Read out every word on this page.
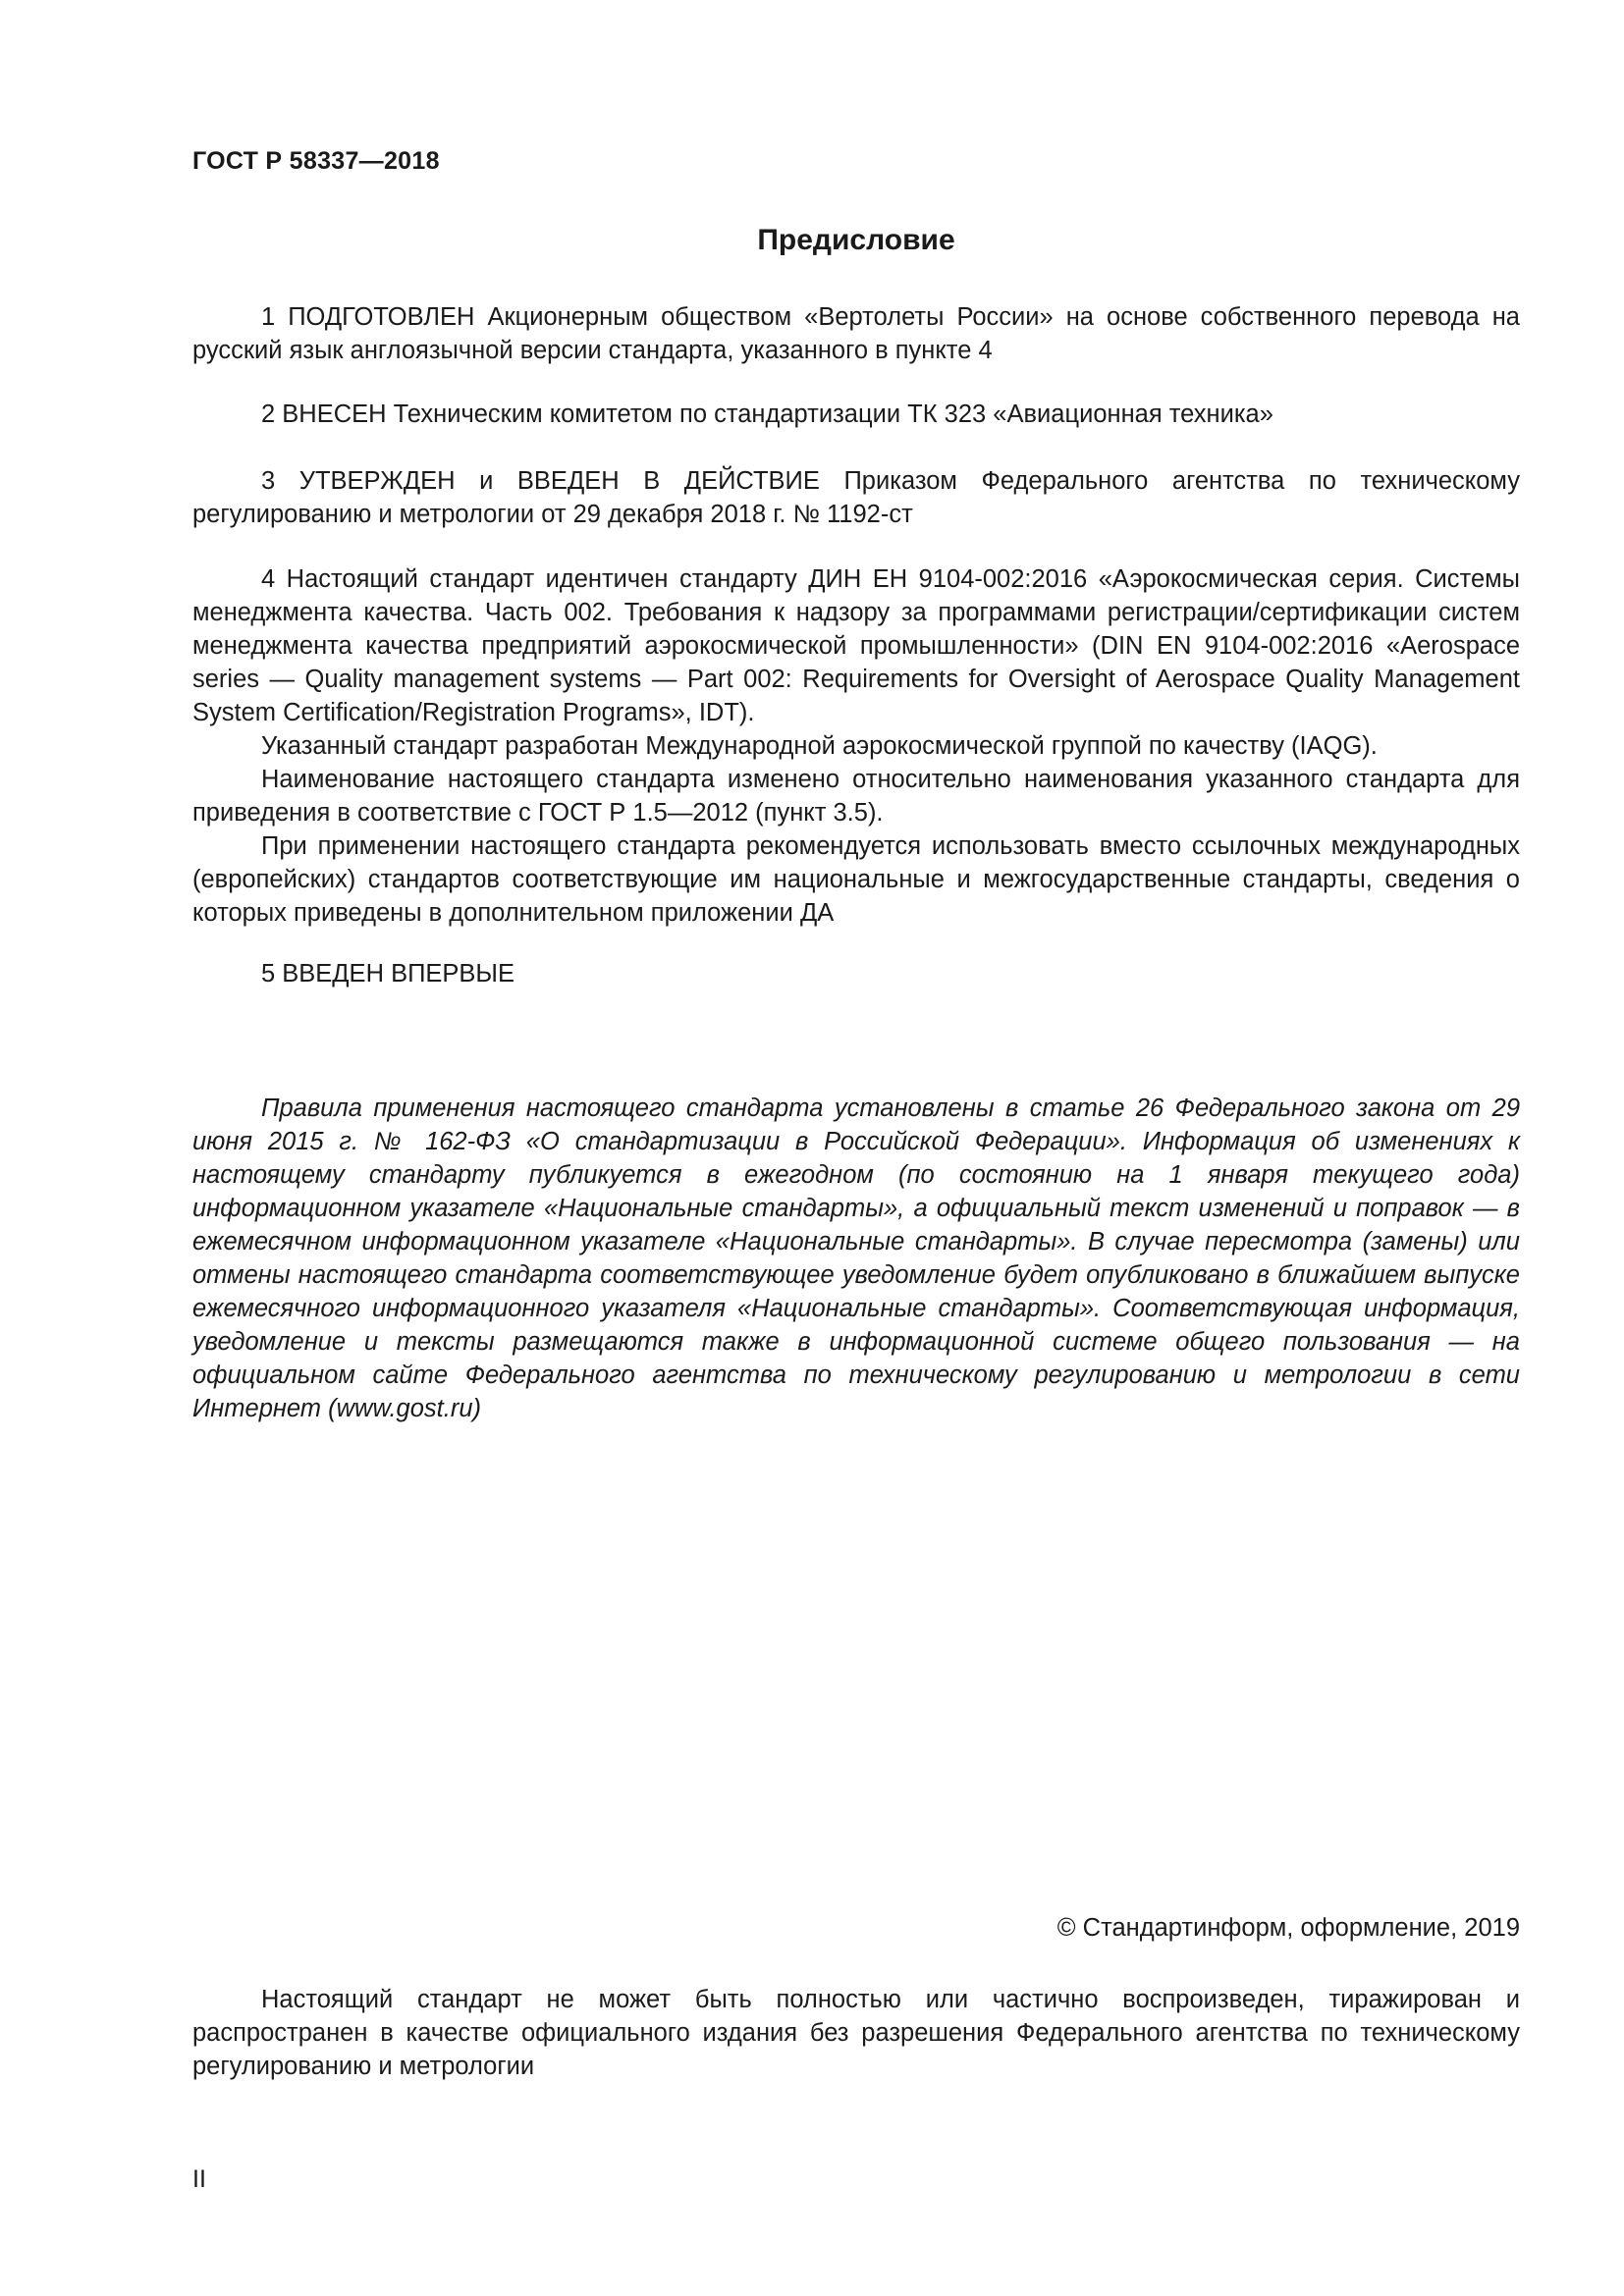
ГОСТ Р 58337—2018
Предисловие

1 ПОДГОТОВЛЕН Акционерным обществом «Вертолеты России» на основе собственного перевода на русский язык англоязычной версии стандарта, указанного в пункте 4

2 ВНЕСЕН Техническим комитетом по стандартизации ТК 323 «Авиационная техника»

3 УТВЕРЖДЕН и ВВЕДЕН В ДЕЙСТВИЕ Приказом Федерального агентства по техническому регулированию и метрологии от 29 декабря 2018 г. № 1192-ст

4 Настоящий стандарт идентичен стандарту ДИН ЕН 9104-002:2016 «Аэрокосмическая серия. Системы менеджмента качества. Часть 002. Требования к надзору за программами регистрации/сертификации систем менеджмента качества предприятий аэрокосмической промышленности» (DIN EN 9104-002:2016 «Aerospace series — Quality management systems — Part 002: Requirements for Oversight of Aerospace Quality Management System Certification/Registration Programs», IDT).

Указанный стандарт разработан Международной аэрокосмической группой по качеству (IAQG).

Наименование настоящего стандарта изменено относительно наименования указанного стандарта для приведения в соответствие с ГОСТ Р 1.5—2012 (пункт 3.5).

При применении настоящего стандарта рекомендуется использовать вместо ссылочных международных (европейских) стандартов соответствующие им национальные и межгосударственные стандарты, сведения о которых приведены в дополнительном приложении ДА

5 ВВЕДЕН ВПЕРВЫЕ

Правила применения настоящего стандарта установлены в статье 26 Федерального закона от 29 июня 2015 г. № 162-ФЗ «О стандартизации в Российской Федерации». Информация об изменениях к настоящему стандарту публикуется в ежегодном (по состоянию на 1 января текущего года) информационном указателе «Национальные стандарты», а официальный текст изменений и поправок — в ежемесячном информационном указателе «Национальные стандарты». В случае пересмотра (замены) или отмены настоящего стандарта соответствующее уведомление будет опубликовано в ближайшем выпуске ежемесячного информационного указателя «Национальные стандарты». Соответствующая информация, уведомление и тексты размещаются также в информационной системе общего пользования — на официальном сайте Федерального агентства по техническому регулированию и метрологии в сети Интернет (www.gost.ru)

© Стандартинформ, оформление, 2019

Настоящий стандарт не может быть полностью или частично воспроизведен, тиражирован и распространен в качестве официального издания без разрешения Федерального агентства по техническому регулированию и метрологии

II
